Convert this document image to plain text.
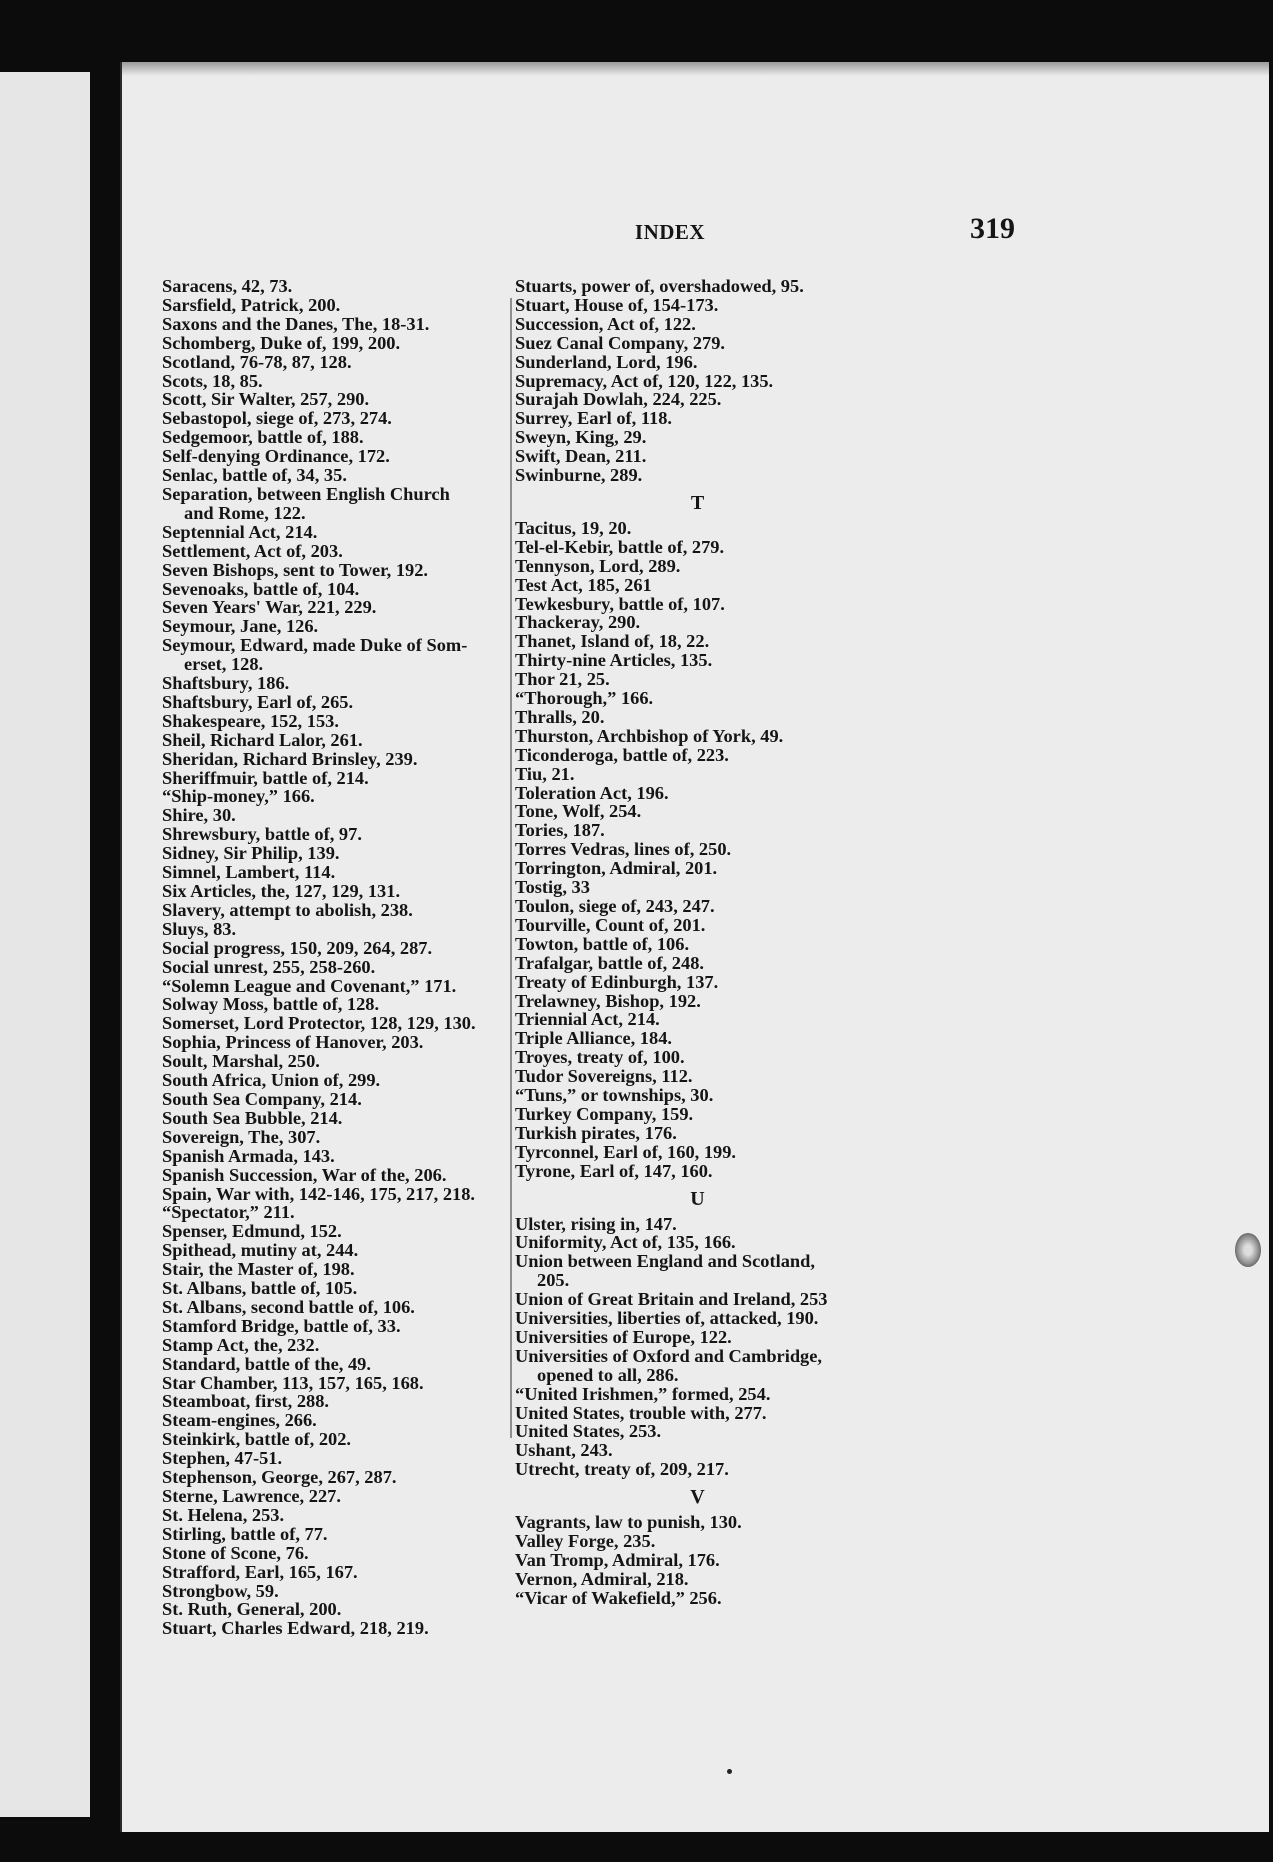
INDEX	319
Saracens, 42, 73.
Sarsfield, Patrick, 200.
Saxons and the Danes, The, 18-31.
Schomberg, Duke of, 199, 200.
Scotland, 76-78, 87, 128.
Scots, 18, 85.
Scott, Sir Walter, 257, 290.
Sebastopol, siege of, 273, 274.
Sedgemoor, battle of, 188.
Self-denying Ordinance, 172.
Senlac, battle of, 34, 35.
Separation, between English Church
and Rome, 122.
Septennial Act, 214.
Settlement, Act of, 203.
Seven Bishops, sent to Tower, 192.
Sevenoaks, battle of, 104.
Seven Years' War, 221, 229.
Seymour, Jane, 126.
Seymour, Edward, made Duke of Som-
erset, 128.
Shaftsbury, 186.
Shaftsbury, Earl of, 265.
Shakespeare, 152, 153.
Sheil, Richard Lalor, 261.
Sheridan, Richard Brinsley, 239.
Sheriffmuir, battle of, 214.
“Ship-money,” 166.
Shire, 30.
Shrewsbury, battle of, 97.
Sidney, Sir Philip, 139.
Simnel, Lambert, 114.
Six Articles, the, 127, 129, 131.
Slavery, attempt to abolish, 238.
Sluys, 83.
Social progress, 150, 209, 264, 287.
Social unrest, 255, 258-260.
“Solemn League and Covenant,” 171.
Solway Moss, battle of, 128.
Somerset, Lord Protector, 128, 129, 130.
Sophia, Princess of Hanover, 203.
Soult, Marshal, 250.
South Africa, Union of, 299.
South Sea Company, 214.
South Sea Bubble, 214.
Sovereign, The, 307.
Spanish Armada, 143.
Spanish Succession, War of the, 206.
Spain, War with, 142-146, 175, 217, 218.
“Spectator,” 211.
Spenser, Edmund, 152.
Spithead, mutiny at, 244.
Stair, the Master of, 198.
St. Albans, battle of, 105.
St. Albans, second battle of, 106.
Stamford Bridge, battle of, 33.
Stamp Act, the, 232.
Standard, battle of the, 49.
Star Chamber, 113, 157, 165, 168.
Steamboat, first, 288.
Steam-engines, 266.
Steinkirk, battle of, 202.
Stephen, 47-51.
Stephenson, George, 267, 287.
Sterne, Lawrence, 227.
St. Helena, 253.
Stirling, battle of, 77.
Stone of Scone, 76.
Strafford, Earl, 165, 167.
Strongbow, 59.
St. Ruth, General, 200.
Stuart, Charles Edward, 218, 219.
Stuarts, power of, overshadowed, 95.
Stuart, House of, 154-173.
Succession, Act of, 122.
Suez Canal Company, 279.
Sunderland, Lord, 196.
Supremacy, Act of, 120, 122, 135.
Surajah Dowlah, 224, 225.
Surrey, Earl of, 118.
Sweyn, King, 29.
Swift, Dean, 211.
Swinburne, 289.
T
Tacitus, 19, 20.
Tel-el-Kebir, battle of, 279.
Tennyson, Lord, 289.
Test Act, 185, 261
Tewkesbury, battle of, 107.
Thackeray, 290.
Thanet, Island of, 18, 22.
Thirty-nine Articles, 135.
Thor 21, 25.
“Thorough,” 166.
Thralls, 20.
Thurston, Archbishop of York, 49.
Ticonderoga, battle of, 223.
Tiu, 21.
Toleration Act, 196.
Tone, Wolf, 254.
Tories, 187.
Torres Vedras, lines of, 250.
Torrington, Admiral, 201.
Tostig, 33
Toulon, siege of, 243, 247.
Tourville, Count of, 201.
Towton, battle of, 106.
Trafalgar, battle of, 248.
Treaty of Edinburgh, 137.
Trelawney, Bishop, 192.
Triennial Act, 214.
Triple Alliance, 184.
Troyes, treaty of, 100.
Tudor Sovereigns, 112.
“Tuns,” or townships, 30.
Turkey Company, 159.
Turkish pirates, 176.
Tyrconnel, Earl of, 160, 199.
Tyrone, Earl of, 147, 160.
U
Ulster, rising in, 147.
Uniformity, Act of, 135, 166.
Union between England and Scotland,
205.
Union of Great Britain and Ireland, 253
Universities, liberties of, attacked, 190.
Universities of Europe, 122.
Universities of Oxford and Cambridge,
opened to all, 286.
“United Irishmen,” formed, 254.
United States, trouble with, 277.
United States, 253.
Ushant, 243.
Utrecht, treaty of, 209, 217.
V
Vagrants, law to punish, 130.
Valley Forge, 235.
Van Tromp, Admiral, 176.
Vernon, Admiral, 218.
“Vicar of Wakefield,” 256.
